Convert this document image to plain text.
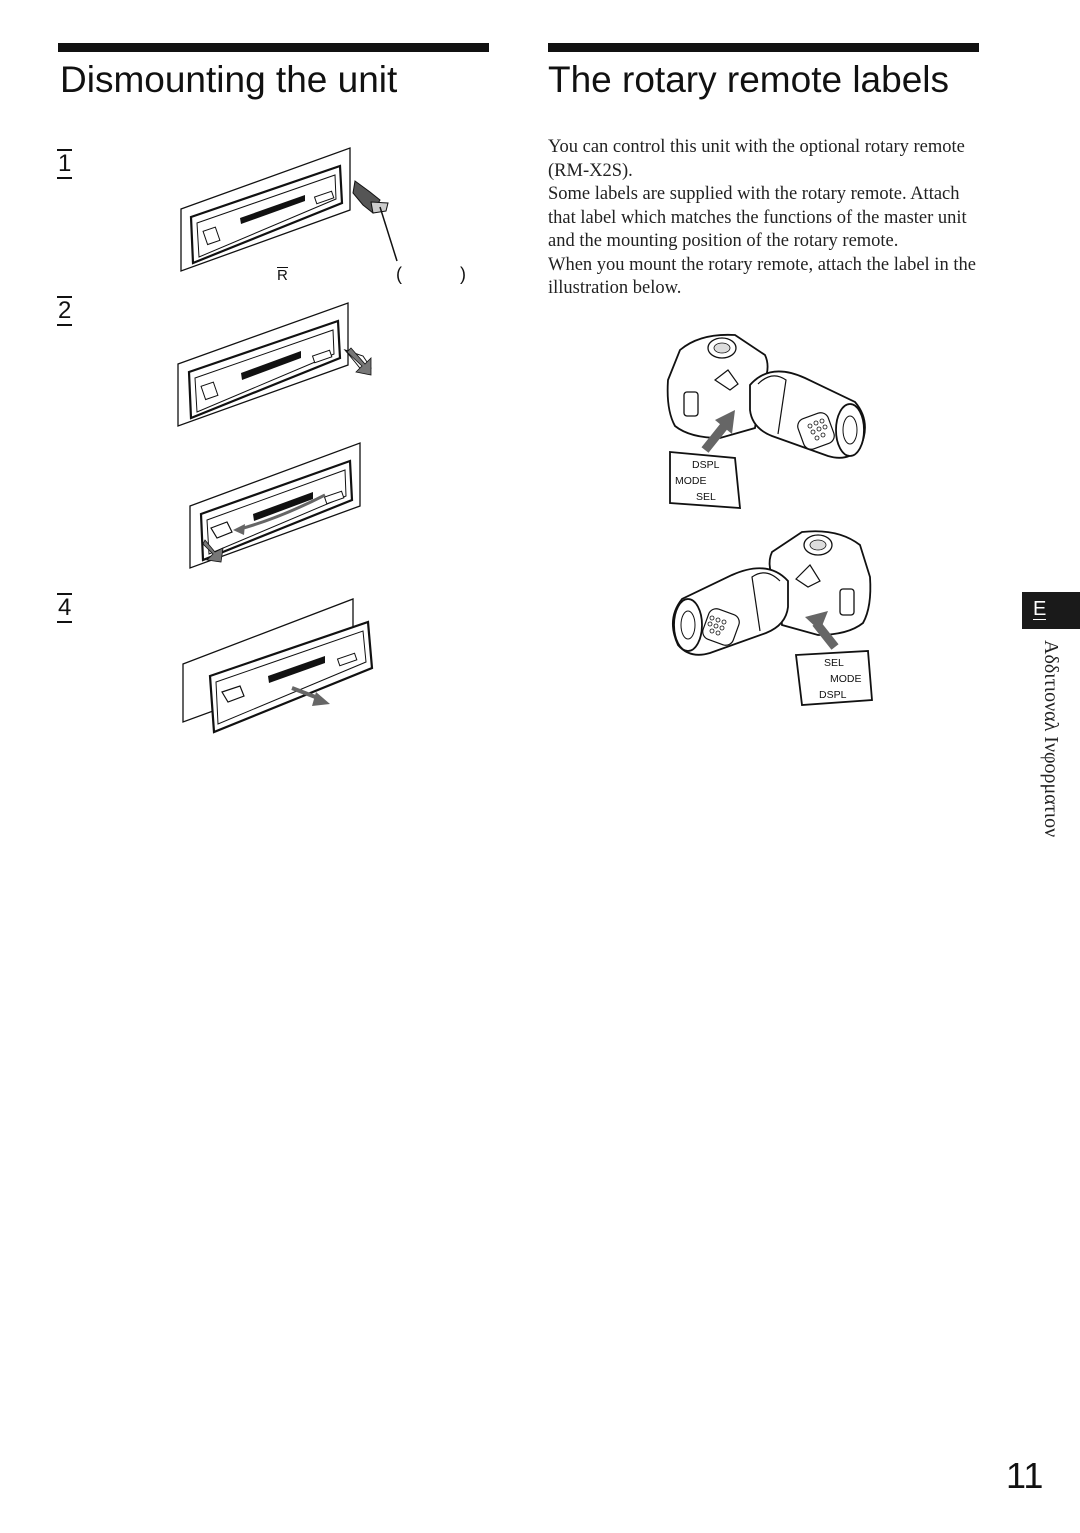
Dismounting the unit
1
2
4
R	(	)
The rotary remote labels

You can control this unit with the optional rotary remote (RM-X2S).

Some labels are supplied with the rotary remote. Attach that label which matches the functions of the master unit and the mounting position of the rotary remote.

When you mount the rotary remote, attach the label in the illustration below.

DSPL
MODE
SEL
SEL
MODE
DSPL
E
Αδδιτιοναλ Ινφορματιον
11
